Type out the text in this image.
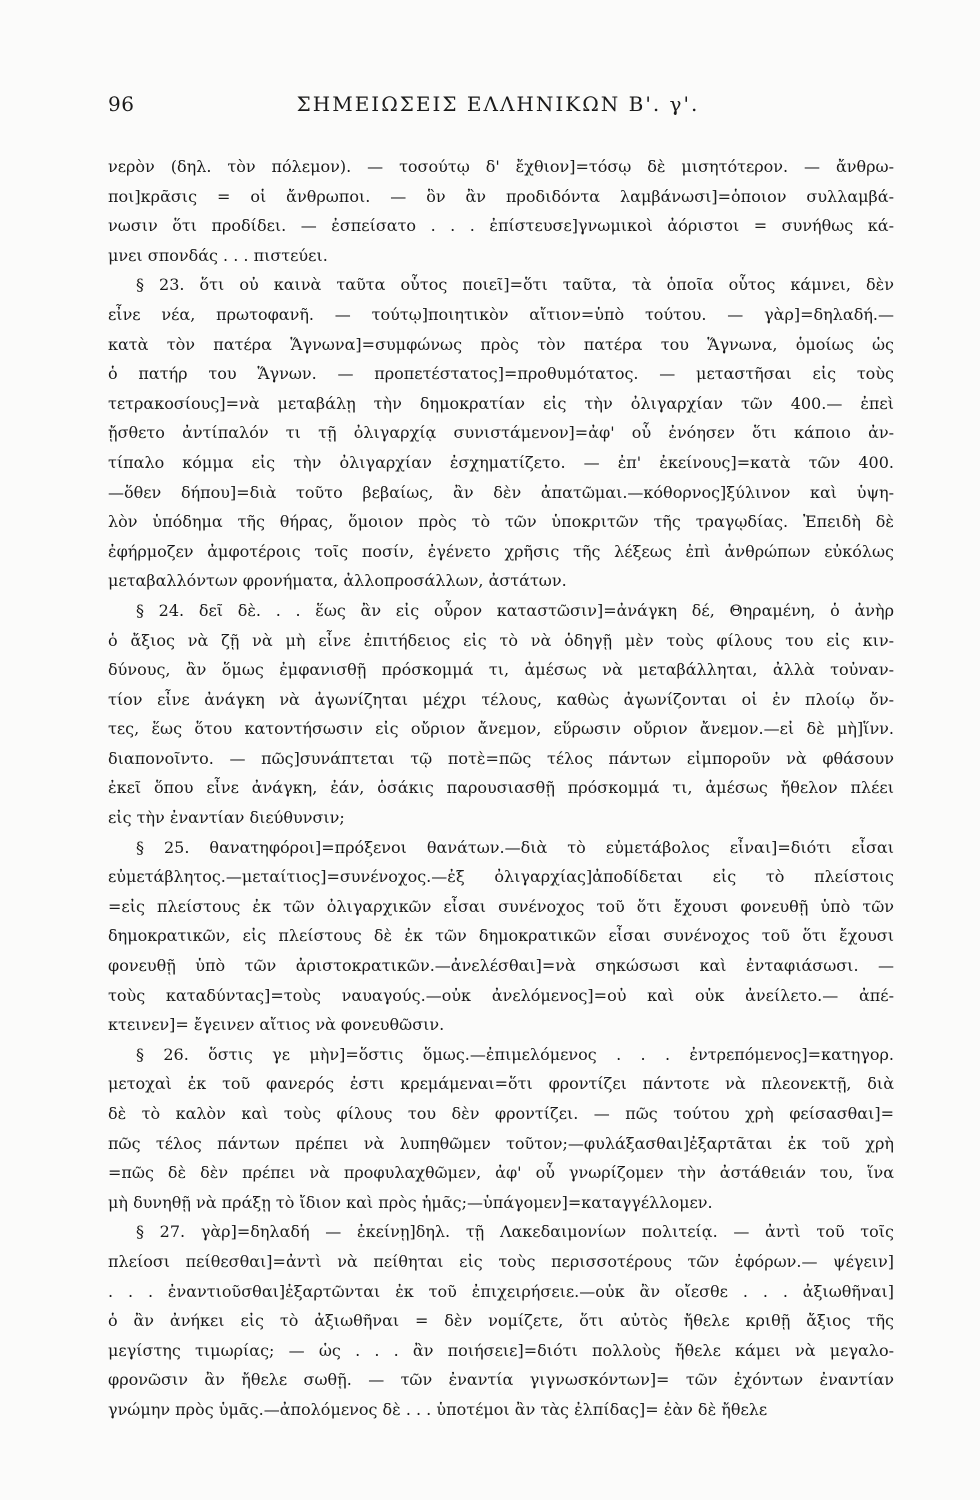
96	ΣΗΜΕΙΩΣΕΙΣ ΕΛΛΗΝΙΚΩΝ Β'. γ'.
νερὸν (δηλ. τὸν πόλεμον). — τοσούτῳ δ' ἔχθιον]=τόσῳ δὲ μισητότερον. — ἄνθρω-
ποι]κρᾶσις = οἱ ἄνθρωποι. — ὃν ἂν προδιδόντα λαμβάνωσι]=ὁποιον συλλαμβά-
νωσιν ὅτι προδίδει. — ἐσπείσατο . . . ἐπίστευσε]γνωμικοὶ ἀόριστοι = συνήθως κά-
μνει σπονδάς . . . πιστεύει.
§ 23. ὅτι οὐ καινὰ ταῦτα οὗτος ποιεῖ]=ὅτι ταῦτα, τὰ ὁποῖα οὗτος κάμνει, δὲν
εἶνε νέα, πρωτοφανῆ. — τούτῳ]ποιητικὸν αἴτιον=ὑπὸ τούτου. — γὰρ]=δηλαδή.—
κατὰ τὸν πατέρα Ἅγνωνα]=συμφώνως πρὸς τὸν πατέρα του Ἅγνωνα, ὁμοίως ὡς
ὁ πατήρ του Ἅγνων. — προπετέστατος]=προθυμότατος. — μεταστῆσαι εἰς τοὺς
τετρακοσίους]=νὰ μεταβάλῃ τὴν δημοκρατίαν εἰς τὴν ὀλιγαρχίαν τῶν 400.— ἐπεὶ
ᾔσθετο ἀντίπαλόν τι τῇ ὀλιγαρχίᾳ συνιστάμενον]=ἀφ' οὗ ἐνόησεν ὅτι κάποιο ἀν-
τίπαλο κόμμα εἰς τὴν ὀλιγαρχίαν ἐσχηματίζετο. — ἐπ' ἐκείνους]=κατὰ τῶν 400.
—ὅθεν δήπου]=διὰ τοῦτο βεβαίως, ἂν δὲν ἀπατῶμαι.—κόθορνος]ξύλινον καὶ ὑψη-
λὸν ὑπόδημα τῆς θήρας, ὅμοιον πρὸς τὸ τῶν ὑποκριτῶν τῆς τραγῳδίας. Ἐπειδὴ δὲ
ἐφήρμοζεν ἀμφοτέροις τοῖς ποσίν, ἐγένετο χρῆσις τῆς λέξεως ἐπὶ ἀνθρώπων εὐκόλως
μεταβαλλόντων φρονήματα, ἀλλοπροσάλλων, ἀστάτων.
§ 24. δεῖ δὲ. . . ἕως ἂν εἰς οὖρον καταστῶσιν]=ἀνάγκη δέ, Θηραμένη, ὁ ἀνὴρ
ὁ ἄξιος νὰ ζῇ νὰ μὴ εἶνε ἐπιτήδειος εἰς τὸ νὰ ὁδηγῇ μὲν τοὺς φίλους του εἰς κιν-
δύνους, ἂν ὅμως ἐμφανισθῇ πρόσκομμά τι, ἀμέσως νὰ μεταβάλληται, ἀλλὰ τοὐναν-
τίον εἶνε ἀνάγκη νὰ ἀγωνίζηται μέχρι τέλους, καθὼς ἀγωνίζονται οἱ ἐν πλοίῳ ὄν-
τες, ἕως ὅτου κατοντήσωσιν εἰς οὔριον ἄνεμον, εὕρωσιν οὔριον ἄνεμον.—εἰ δὲ μὴ]ἵνν.
διαπονοῖντο. — πῶς]συνάπτεται τῷ ποτὲ=πῶς τέλος πάντων εἰμποροῦν νὰ φθάσουν
ἐκεῖ ὅπου εἶνε ἀνάγκη, ἐάν, ὁσάκις παρουσιασθῇ πρόσκομμά τι, ἀμέσως ἤθελον πλέει
εἰς τὴν ἐναντίαν διεύθυνσιν;
§ 25. θανατηφόροι]=πρόξενοι θανάτων.—διὰ τὸ εὐμετάβολος εἶναι]=διότι εἶσαι
εὐμετάβλητος.—μεταίτιος]=συνένοχος.—ἐξ ὀλιγαρχίας]ἀποδίδεται εἰς τὸ πλείστοις
=εἰς πλείστους ἐκ τῶν ὀλιγαρχικῶν εἶσαι συνένοχος τοῦ ὅτι ἔχουσι φονευθῇ ὑπὸ τῶν
δημοκρατικῶν, εἰς πλείστους δὲ ἐκ τῶν δημοκρατικῶν εἶσαι συνένοχος τοῦ ὅτι ἔχουσι
φονευθῇ ὑπὸ τῶν ἀριστοκρατικῶν.—ἀνελέσθαι]=νὰ σηκώσωσι καὶ ἐνταφιάσωσι. —
τοὺς καταδύντας]=τοὺς ναυαγούς.—οὐκ ἀνελόμενος]=οὐ καὶ οὐκ ἀνείλετο.— ἀπέ-
κτεινεν]= ἔγεινεν αἴτιος νὰ φονευθῶσιν.
§ 26. ὅστις γε μὴν]=ὅστις ὅμως.—ἐπιμελόμενος . . . ἐντρεπόμενος]=κατηγορ.
μετοχαὶ ἐκ τοῦ φανερός ἐστι κρεμάμεναι=ὅτι φροντίζει πάντοτε νὰ πλεονεκτῇ, διὰ
δὲ τὸ καλὸν καὶ τοὺς φίλους του δὲν φροντίζει. — πῶς τούτου χρὴ φείσασθαι]=
πῶς τέλος πάντων πρέπει νὰ λυπηθῶμεν τοῦτον;—φυλάξασθαι]ἐξαρτᾶται ἐκ τοῦ χρὴ
=πῶς δὲ δὲν πρέπει νὰ προφυλαχθῶμεν, ἀφ' οὗ γνωρίζομεν τὴν ἀστάθειάν του, ἵνα
μὴ δυνηθῇ νὰ πράξῃ τὸ ἴδιον καὶ πρὸς ἡμᾶς;—ὑπάγομεν]=καταγγέλλομεν.
§ 27. γὰρ]=δηλαδή — ἐκείνῃ]δηλ. τῇ Λακεδαιμονίων πολιτείᾳ. — ἀντὶ τοῦ τοῖς
πλείοσι πείθεσθαι]=ἀντὶ νὰ πείθηται εἰς τοὺς περισσοτέρους τῶν ἐφόρων.— ψέγειν]
. . . ἐναντιοῦσθαι]ἐξαρτῶνται ἐκ τοῦ ἐπιχειρήσειε.—οὐκ ἂν οἴεσθε . . . ἀξιωθῆναι]
ὁ ἂν ἀνήκει εἰς τὸ ἀξιωθῆναι = δὲν νομίζετε, ὅτι αὐτὸς ἤθελε κριθῇ ἄξιος τῆς
μεγίστης τιμωρίας; — ὡς . . . ἂν ποιήσειε]=διότι πολλοὺς ἤθελε κάμει νὰ μεγαλο-
φρονῶσιν ἂν ἤθελε σωθῇ. — τῶν ἐναντία γιγνωσκόντων]= τῶν ἐχόντων ἐναντίαν
γνώμην πρὸς ὑμᾶς.—ἀπολόμενος δὲ . . . ὑποτέμοι ἂν τὰς ἐλπίδας]= ἐὰν δὲ ἤθελε
